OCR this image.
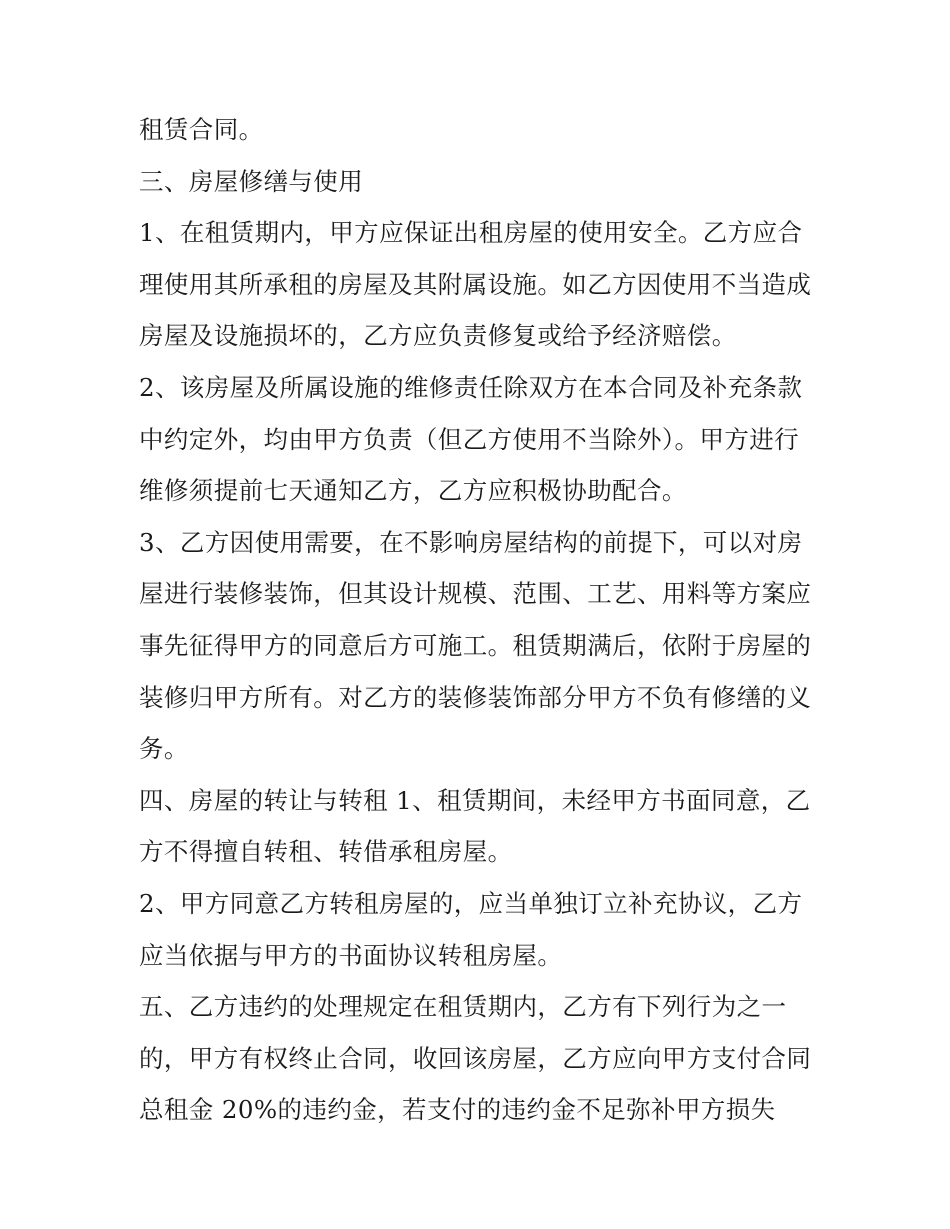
租赁合同。
三、房屋修缮与使用
1、在租赁期内，甲方应保证出租房屋的使用安全。乙方应合
理使用其所承租的房屋及其附属设施。如乙方因使用不当造成
房屋及设施损坏的，乙方应负责修复或给予经济赔偿。
2、该房屋及所属设施的维修责任除双方在本合同及补充条款
中约定外，均由甲方负责（但乙方使用不当除外）。甲方进行
维修须提前七天通知乙方，乙方应积极协助配合。
3、乙方因使用需要，在不影响房屋结构的前提下，可以对房
屋进行装修装饰，但其设计规模、范围、工艺、用料等方案应
事先征得甲方的同意后方可施工。租赁期满后，依附于房屋的
装修归甲方所有。对乙方的装修装饰部分甲方不负有修缮的义
务。
四、房屋的转让与转租 1、租赁期间，未经甲方书面同意，乙
方不得擅自转租、转借承租房屋。
2、甲方同意乙方转租房屋的，应当单独订立补充协议，乙方
应当依据与甲方的书面协议转租房屋。
五、乙方违约的处理规定在租赁期内，乙方有下列行为之一
的，甲方有权终止合同，收回该房屋，乙方应向甲方支付合同
总租金 20%的违约金，若支付的违约金不足弥补甲方损失
